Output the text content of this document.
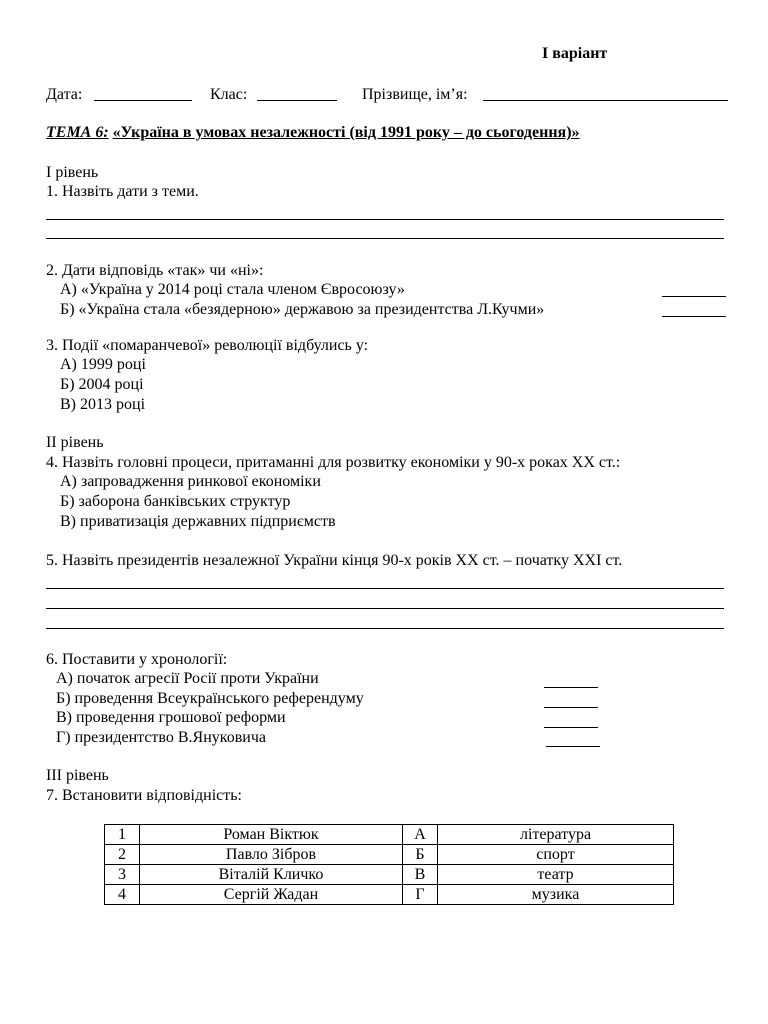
І варіант
Дата:	Клас:	Прізвище, ім’я:
ТЕМА 6: «Україна в умовах незалежності (від 1991 року – до сьогодення)»
І рівень
1. Назвіть дати з теми.
2. Дати відповідь «так» чи «ні»:
А) «Україна у 2014 році стала членом Євросоюзу»
Б) «Україна стала «безядерною» державою за президентства Л.Кучми»
3. Події «помаранчевої» революції відбулись у:
А) 1999 році
Б) 2004 році
В) 2013 році
ІІ рівень
4. Назвіть головні процеси, притаманні для розвитку економіки у 90-х роках ХХ ст.:
А) запровадження ринкової економіки
Б) заборона банківських структур
В) приватизація державних підприємств
5. Назвіть президентів незалежної України кінця 90-х років ХХ ст. – початку ХХІ ст.
6. Поставити у хронології:
А) початок агресії Росії проти України
Б) проведення Всеукраїнського референдуму
В) проведення грошової реформи
Г) президентство В.Януковича
ІІІ рівень
7. Встановити відповідність:
1	Роман Віктюк	А	література
2	Павло Зібров	Б	спорт
3	Віталій Кличко	В	театр
4	Сергій Жадан	Г	музика
